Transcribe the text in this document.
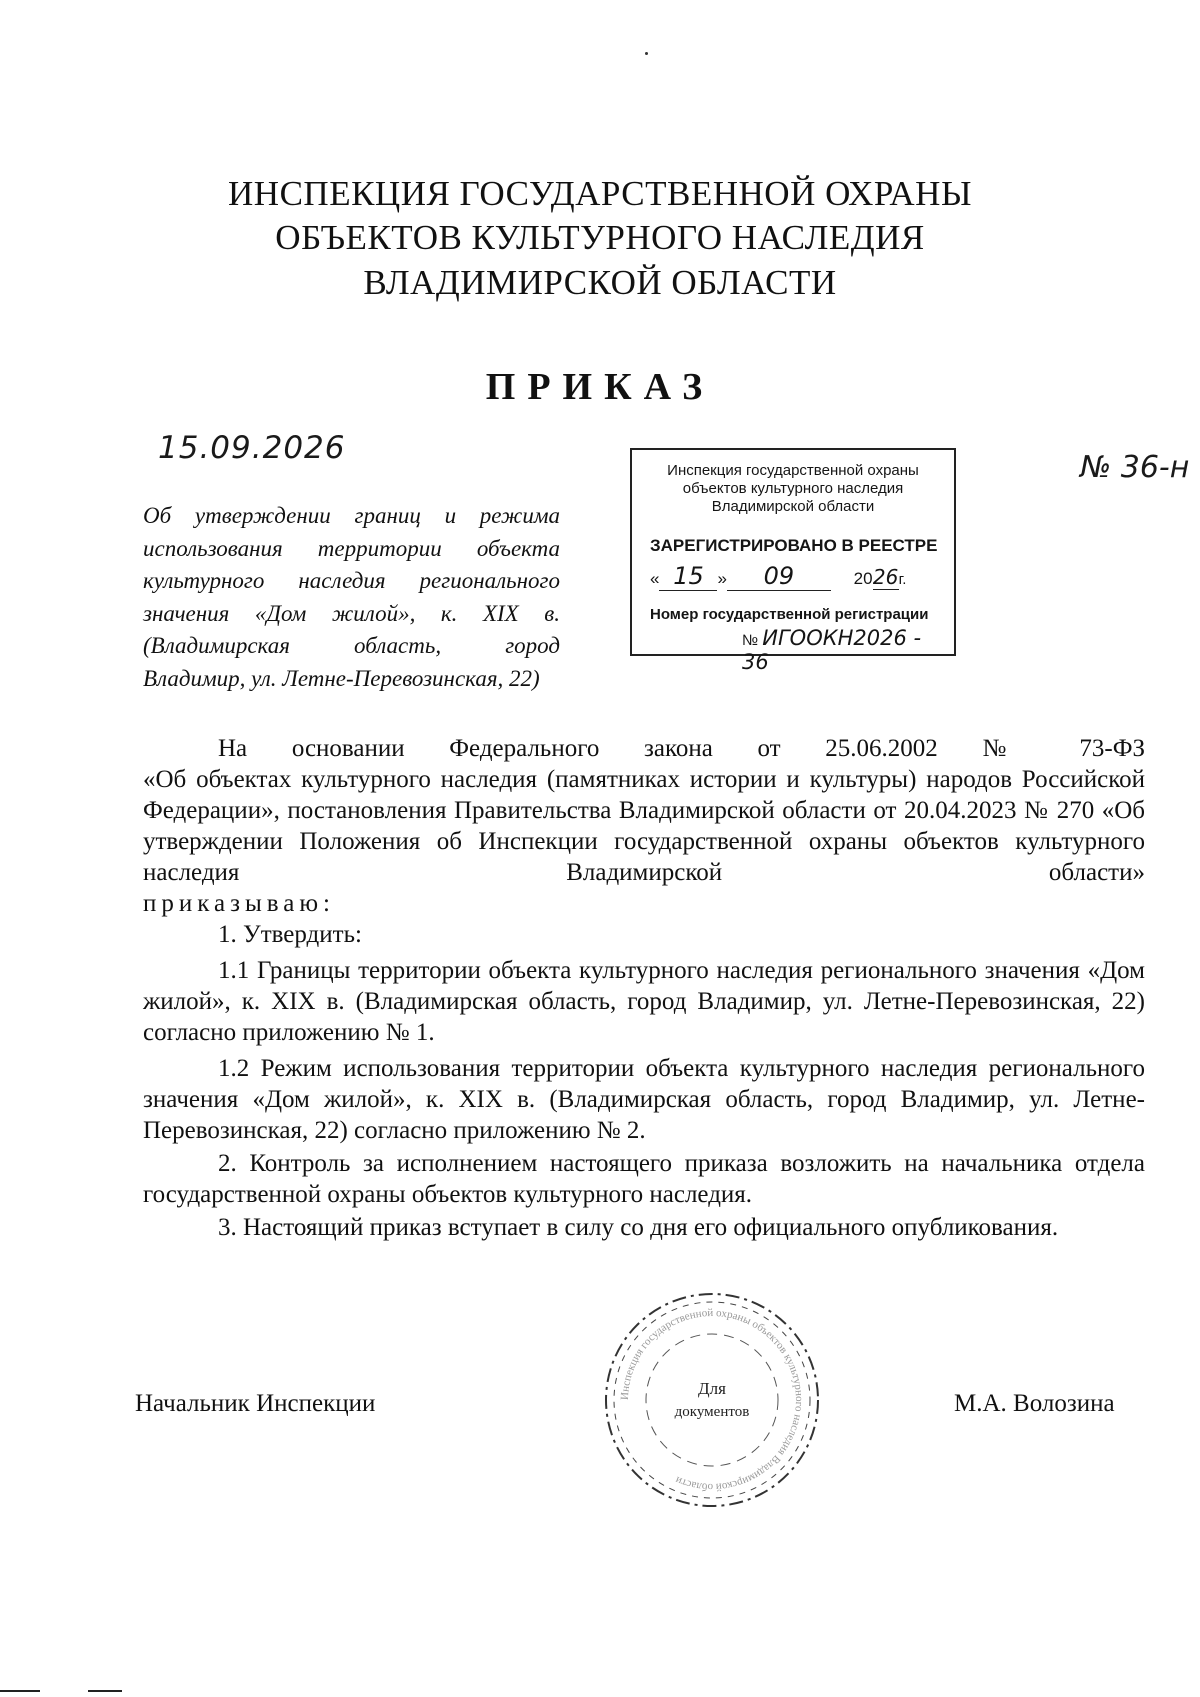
ИНСПЕКЦИЯ ГОСУДАРСТВЕННОЙ ОХРАНЫ
ОБЪЕКТОВ КУЛЬТУРНОГО НАСЛЕДИЯ
ВЛАДИМИРСКОЙ ОБЛАСТИ
ПРИКАЗ
15.09.2026
№ 36-н
Об утверждении границ и режима
использования территории объекта
культурного наследия регионального
значения «Дом жилой», к. XIX в.
(Владимирская область, город
Владимир, ул. Летне-Перевозинская, 22)
Инспекция государственной охраны
объектов культурного наследия
Владимирской области
ЗАРЕГИСТРИРОВАНО В РЕЕСТРЕ
« 15 » 09	2026г.
Номер государственной регистрации
№ ИГООКН2026 - 36
На основании Федерального закона от 25.06.2002 № 73-ФЗ
«Об объектах культурного наследия (памятниках истории и культуры) народов Российской Федерации», постановления Правительства Владимирской области от 20.04.2023 № 270 «Об утверждении Положения об Инспекции государственной охраны объектов культурного наследия Владимирской области»
приказываю:
1. Утвердить:
1.1 Границы территории объекта культурного наследия регионального значения «Дом жилой», к. XIX в. (Владимирская область, город Владимир, ул. Летне-Перевозинская, 22) согласно приложению № 1.
1.2 Режим использования территории объекта культурного наследия регионального значения «Дом жилой», к. XIX в. (Владимирская область, город Владимир, ул. Летне-Перевозинская, 22) согласно приложению № 2.
2. Контроль за исполнением настоящего приказа возложить на начальника отдела государственной охраны объектов культурного наследия.
3. Настоящий приказ вступает в силу со дня его официального опубликования.
Начальник Инспекции	М.А. Волозина
Инспекция государственной охраны объектов культурного наследия Владимирской области
Для
документов
